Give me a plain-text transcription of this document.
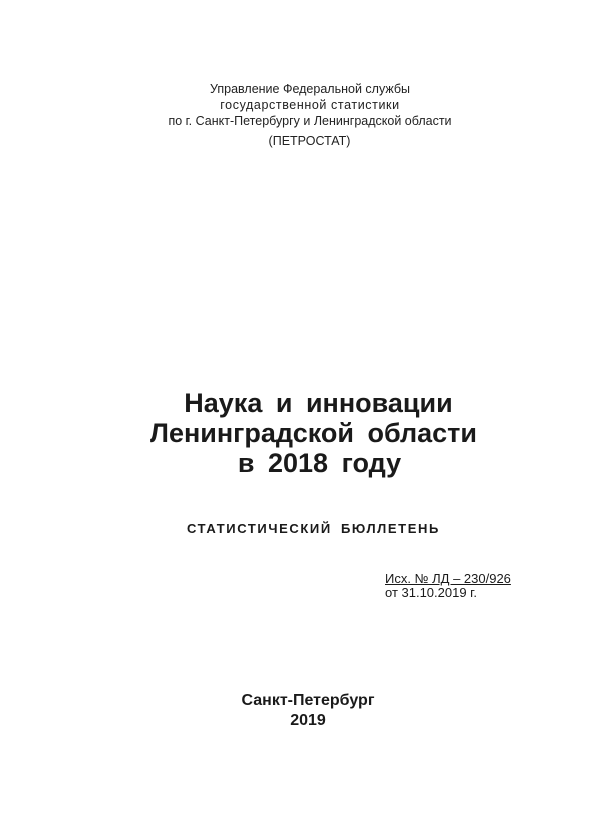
Управление Федеральной службы
государственной статистики
по г. Санкт-Петербургу и Ленинградской области
(ПЕТРОСТАТ)
Наука и инновации
Ленинградской области
в 2018 году
СТАТИСТИЧЕСКИЙ БЮЛЛЕТЕНЬ
Исх. № ЛД – 230/926
от 31.10.2019 г.
Санкт-Петербург
2019
